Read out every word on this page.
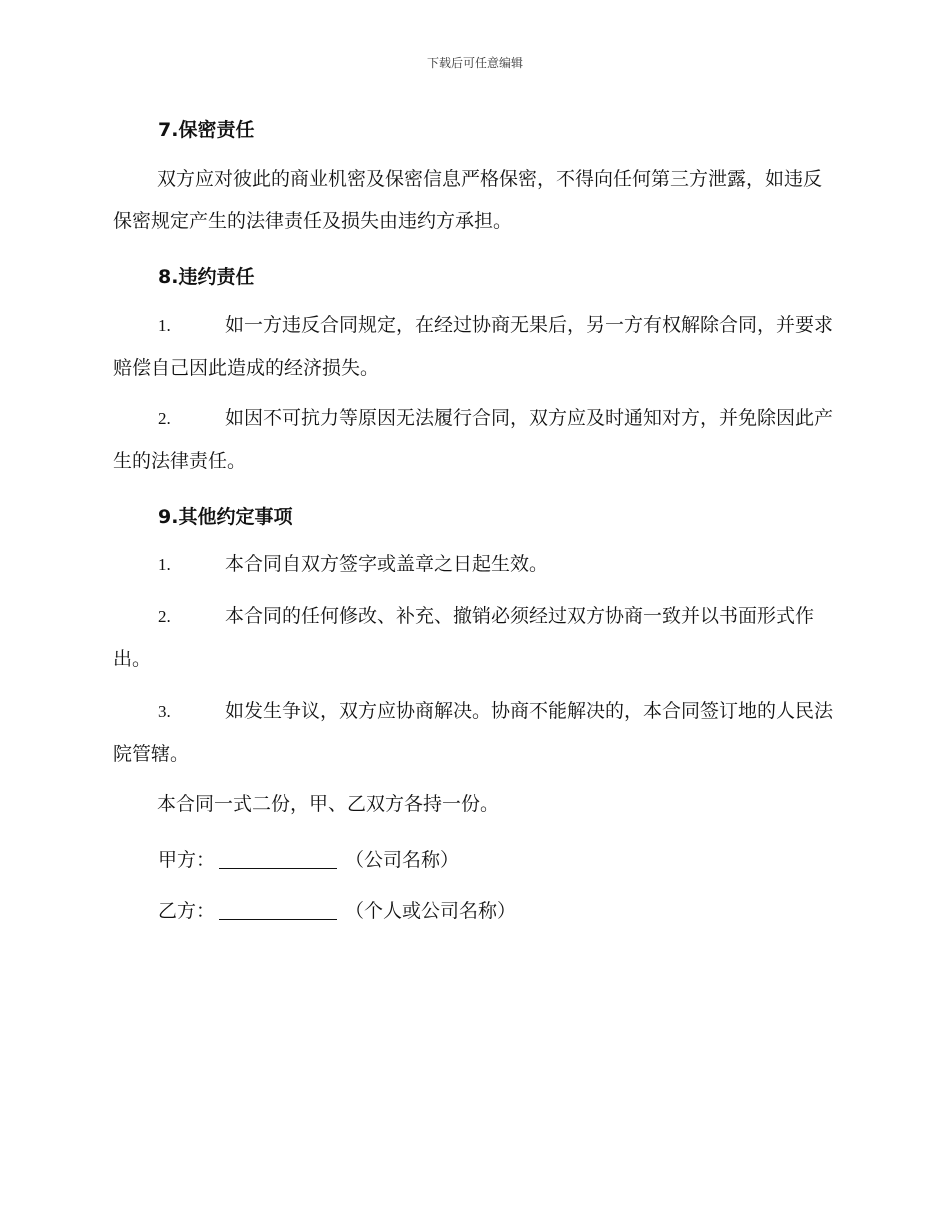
下载后可任意编辑
7.保密责任
双方应对彼此的商业机密及保密信息严格保密，不得向任何第三方泄露，如违反保密规定产生的法律责任及损失由违约方承担。
8.违约责任
1.	如一方违反合同规定，在经过协商无果后，另一方有权解除合同，并要求赔偿自己因此造成的经济损失。
2.	如因不可抗力等原因无法履行合同，双方应及时通知对方，并免除因此产生的法律责任。
9.其他约定事项
1.	本合同自双方签字或盖章之日起生效。
2.	本合同的任何修改、补充、撤销必须经过双方协商一致并以书面形式作出。
3.	如发生争议，双方应协商解决。协商不能解决的，本合同签订地的人民法院管辖。
本合同一式二份，甲、乙双方各持一份。
甲方：	（公司名称）
乙方：	（个人或公司名称）
